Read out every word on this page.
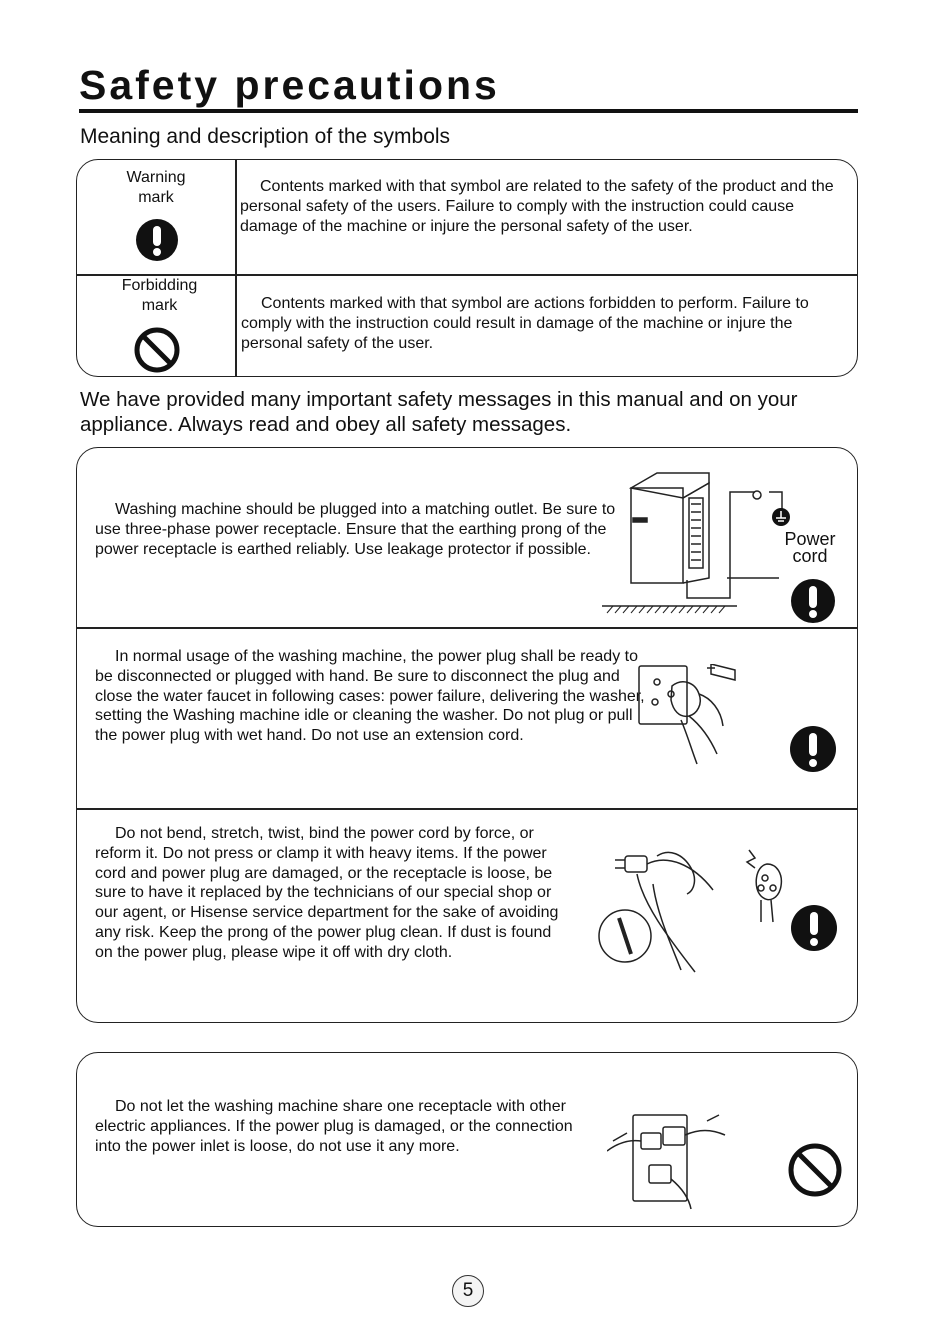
Safety precautions
Meaning and description of the symbols
Warning
mark
Contents marked with that symbol are related to the safety of the product and the personal safety of the users. Failure to comply with the instruction could cause damage of the machine or injure the personal safety of the user.
Forbidding
mark	Contents marked with that symbol are actions forbidden to perform. Failure to comply with the instruction could result in damage of the machine or injure the personal safety of the user.
We have provided many important safety messages in this manual and on your appliance. Always read and obey all safety messages.
Washing machine should be plugged into a matching outlet. Be sure to use three-phase power receptacle. Ensure that the earthing prong of the power receptacle is earthed reliably. Use leakage protector if possible.
Power
cord
In normal usage of the washing machine, the power plug shall be ready to be disconnected or plugged with hand. Be sure to disconnect the plug and close the water faucet in following cases: power failure, delivering the washer, setting the Washing machine idle or cleaning the washer. Do not plug or pull the power plug with wet hand. Do not use an extension cord.
Do not bend, stretch, twist, bind the power cord by force, or reform it. Do not press or clamp it with heavy items. If the power cord and power plug are damaged, or the receptacle is loose, be sure to have it replaced by the technicians of our special shop or our agent, or Hisense service department for the sake of avoiding any risk. Keep the prong of the power plug clean. If dust is found on the power plug, please wipe it off with dry cloth.
Do not let the washing machine share one receptacle with other electric appliances. If the power plug is damaged, or the connection into the power inlet is loose, do not use it any more.
5
